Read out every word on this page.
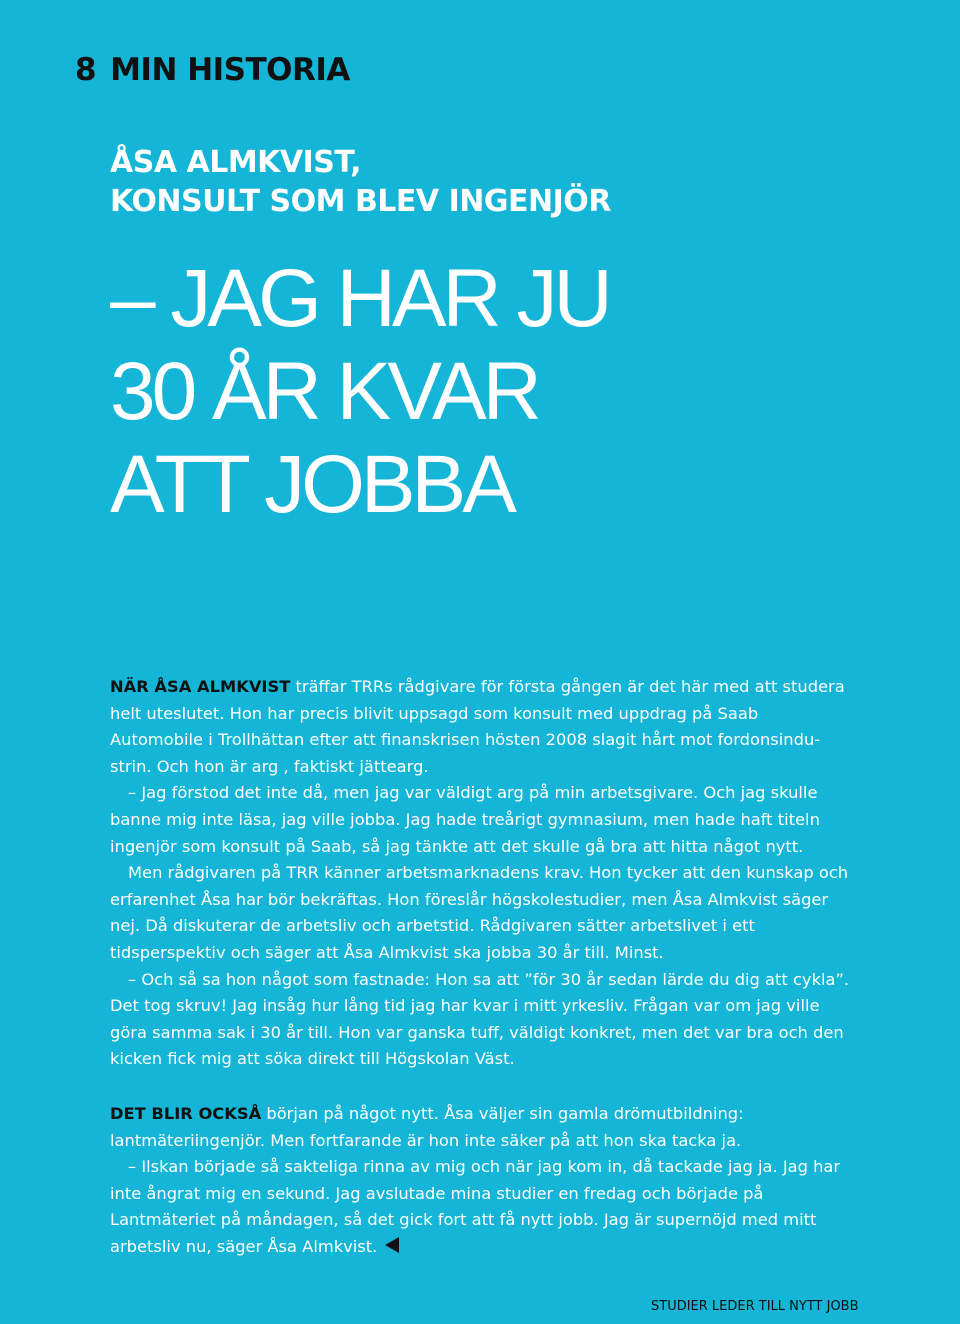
8 MIN HISTORIA
ÅSA ALMKVIST,
KONSULT SOM BLEV INGENJÖR
– JAG HAR JU
30 ÅR KVAR
ATT JOBBA

NÄR ÅSA ALMKVIST träffar TRRs rådgivare för första gången är det här med att studera helt uteslutet. Hon har precis blivit uppsagd som konsult med uppdrag på Saab Automobile i Trollhättan efter att finanskrisen hösten 2008 slagit hårt mot fordonsindustrin. Och hon är arg , faktiskt jättearg.

– Jag förstod det inte då, men jag var väldigt arg på min arbetsgivare. Och jag skulle banne mig inte läsa, jag ville jobba. Jag hade treårigt gymnasium, men hade haft titeln ingenjör som konsult på Saab, så jag tänkte att det skulle gå bra att hitta något nytt.

Men rådgivaren på TRR känner arbetsmarknadens krav. Hon tycker att den kunskap och erfarenhet Åsa har bör bekräftas. Hon föreslår högskolestudier, men Åsa Almkvist säger nej. Då diskuterar de arbetsliv och arbetstid. Rådgivaren sätter arbetslivet i ett tidsperspektiv och säger att Åsa Almkvist ska jobba 30 år till. Minst.

– Och så sa hon något som fastnade: Hon sa att ”för 30 år sedan lärde du dig att cykla”. Det tog skruv! Jag insåg hur lång tid jag har kvar i mitt yrkesliv. Frågan var om jag ville göra samma sak i 30 år till. Hon var ganska tuff, väldigt konkret, men det var bra och den kicken fick mig att söka direkt till Högskolan Väst.

DET BLIR OCKSÅ början på något nytt. Åsa väljer sin gamla drömutbildning: lantmäteriingenjör. Men fortfarande är hon inte säker på att hon ska tacka ja.

– Ilskan började så sakteliga rinna av mig och när jag kom in, då tackade jag ja. Jag har inte ångrat mig en sekund. Jag avslutade mina studier en fredag och började på Lantmäteriet på måndagen, så det gick fort att få nytt jobb. Jag är supernöjd med mitt arbetsliv nu, säger Åsa Almkvist.

STUDIER LEDER TILL NYTT JOBB
